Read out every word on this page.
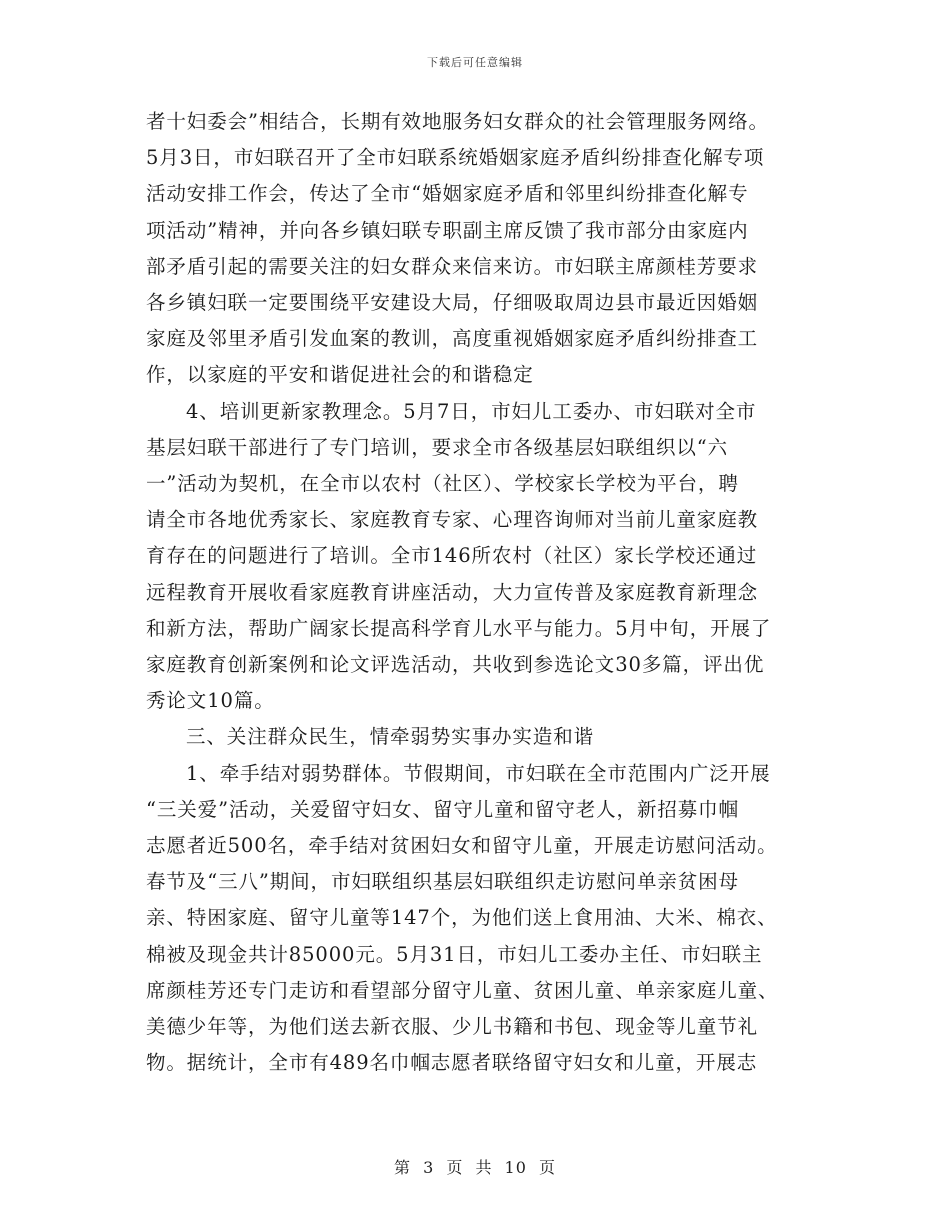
下载后可任意编辑

者十妇委会”相结合，长期有效地服务妇女群众的社会管理服务网络。
5月3日，市妇联召开了全市妇联系统婚姻家庭矛盾纠纷排查化解专项
活动安排工作会，传达了全市“婚姻家庭矛盾和邻里纠纷排查化解专
项活动”精神，并向各乡镇妇联专职副主席反馈了我市部分由家庭内
部矛盾引起的需要关注的妇女群众来信来访。市妇联主席颜桂芳要求
各乡镇妇联一定要围绕平安建设大局，仔细吸取周边县市最近因婚姻
家庭及邻里矛盾引发血案的教训，高度重视婚姻家庭矛盾纠纷排查工
作，以家庭的平安和谐促进社会的和谐稳定

4、培训更新家教理念。5月7日，市妇儿工委办、市妇联对全市
基层妇联干部进行了专门培训，要求全市各级基层妇联组织以“六
一”活动为契机，在全市以农村（社区）、学校家长学校为平台，聘
请全市各地优秀家长、家庭教育专家、心理咨询师对当前儿童家庭教
育存在的问题进行了培训。全市146所农村（社区）家长学校还通过
远程教育开展收看家庭教育讲座活动，大力宣传普及家庭教育新理念
和新方法，帮助广阔家长提高科学育儿水平与能力。5月中旬，开展了
家庭教育创新案例和论文评选活动，共收到参选论文30多篇，评出优
秀论文10篇。

三、关注群众民生，情牵弱势实事办实造和谐

1、牵手结对弱势群体。节假期间，市妇联在全市范围内广泛开展
“三关爱”活动，关爱留守妇女、留守儿童和留守老人，新招募巾帼
志愿者近500名，牵手结对贫困妇女和留守儿童，开展走访慰问活动。
春节及“三八”期间，市妇联组织基层妇联组织走访慰问单亲贫困母
亲、特困家庭、留守儿童等147个，为他们送上食用油、大米、棉衣、
棉被及现金共计85000元。5月31日，市妇儿工委办主任、市妇联主
席颜桂芳还专门走访和看望部分留守儿童、贫困儿童、单亲家庭儿童、
美德少年等，为他们送去新衣服、少儿书籍和书包、现金等儿童节礼
物。据统计，全市有489名巾帼志愿者联络留守妇女和儿童，开展志

第 3 页 共 10 页
